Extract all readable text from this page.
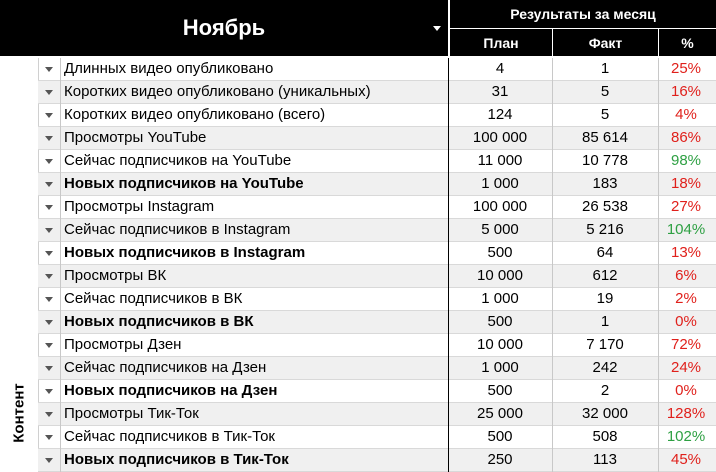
Ноябрь
Результаты за месяц
План	Факт	%
Контент
Длинных видео опубликовано	4	1	25%
Коротких видео опубликовано (уникальных)	31	5	16%
Коротких видео опубликовано (всего)	124	5	4%
Просмотры YouTube	100 000	85 614	86%
Сейчас подписчиков на YouTube	11 000	10 778	98%
Новых подписчиков на YouTube	1 000	183	18%
Просмотры Instagram	100 000	26 538	27%
Сейчас подписчиков в Instagram	5 000	5 216	104%
Новых подписчиков в Instagram	500	64	13%
Просмотры ВК	10 000	612	6%
Сейчас подписчиков в ВК	1 000	19	2%
Новых подписчиков в ВК	500	1	0%
Просмотры Дзен	10 000	7 170	72%
Сейчас подписчиков на Дзен	1 000	242	24%
Новых подписчиков на Дзен	500	2	0%
Просмотры Тик-Ток	25 000	32 000	128%
Сейчас подписчиков в Тик-Ток	500	508	102%
Новых подписчиков в Тик-Ток	250	113	45%
